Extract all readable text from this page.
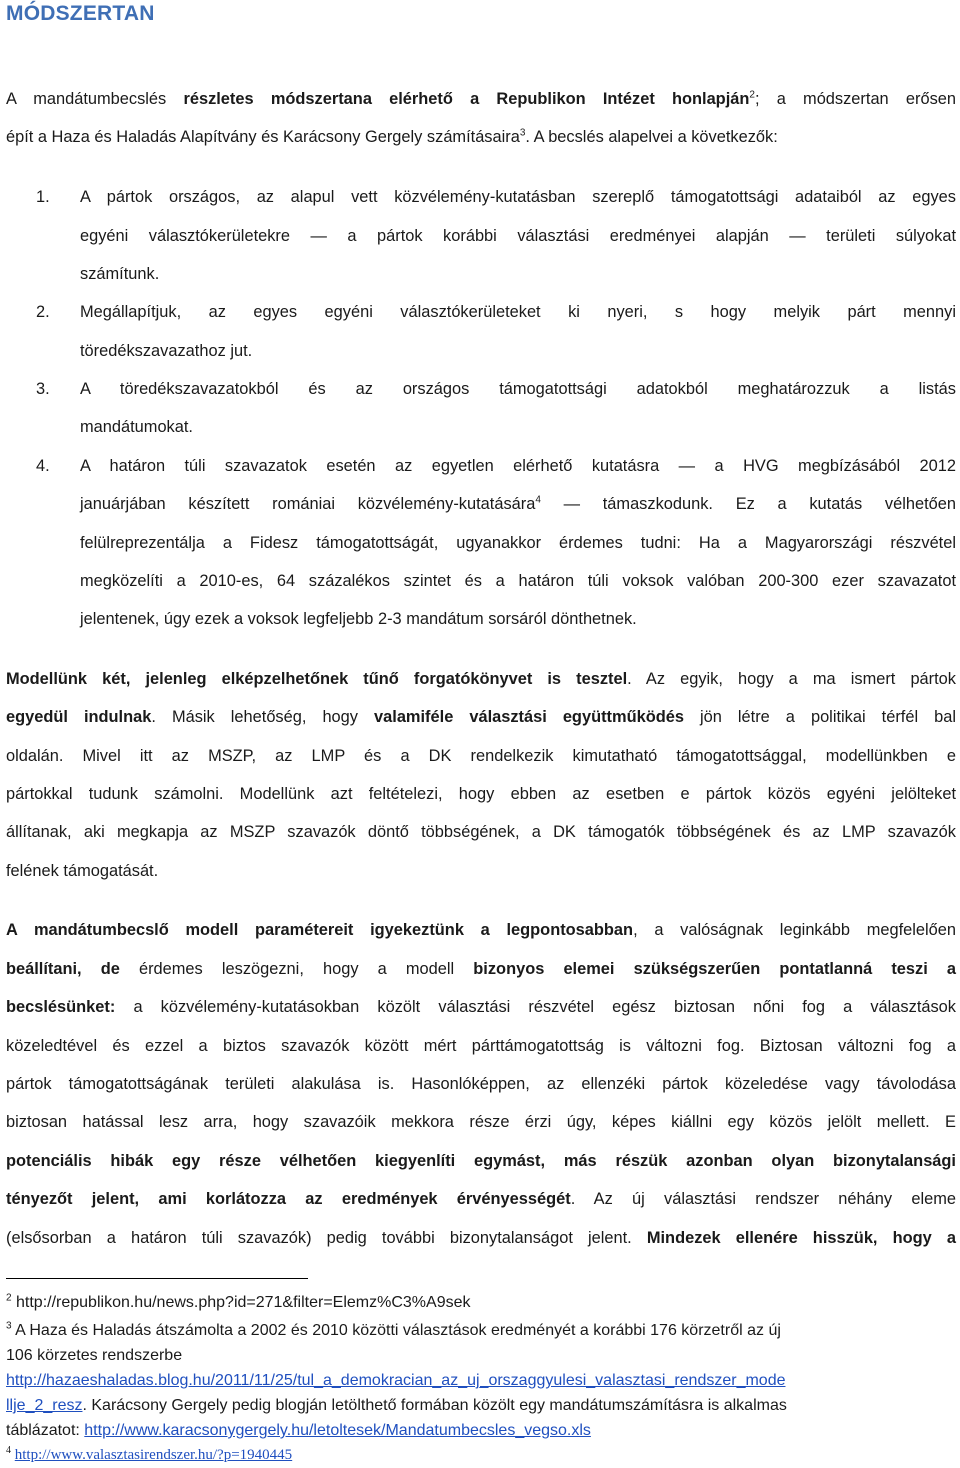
MÓDSZERTAN
A mandátumbecslés részletes módszertana elérhető a Republikon Intézet honlapján$^2$; a módszertan erősen
épít a Haza és Haladás Alapítvány és Karácsony Gergely számításaira$^3$. A becslés alapelvei a következők:
1. A pártok országos, az alapul vett közvélemény-kutatásban szereplő támogatottsági adataiból az egyes
egyéni választókerületekre — a pártok korábbi választási eredményei alapján — területi súlyokat
számítunk.
2. Megállapítjuk, az egyes egyéni választókerületeket ki nyeri, s hogy melyik párt mennyi
töredékszavazathoz jut.
3. A töredékszavazatokból és az országos támogatottsági adatokból meghatározzuk a listás
mandátumokat.
4. A határon túli szavazatok esetén az egyetlen elérhető kutatásra — a HVG megbízásából 2012
januárjában készített romániai közvélemény-kutatására$^4$ — támaszkodunk. Ez a kutatás vélhetően
felülreprezentálja a Fidesz támogatottságát, ugyanakkor érdemes tudni: Ha a Magyarországi részvétel
megközelíti a 2010-es, 64 százalékos szintet és a határon túli voksok valóban 200-300 ezer szavazatot
jelentenek, úgy ezek a voksok legfeljebb 2-3 mandátum sorsáról dönthetnek.
Modellünk két, jelenleg elképzelhetőnek tűnő forgatókönyvet is tesztel. Az egyik, hogy a ma ismert pártok
egyedül indulnak. Másik lehetőség, hogy valamiféle választási együttműködés jön létre a politikai térfél bal
oldalán. Mivel itt az MSZP, az LMP és a DK rendelkezik kimutatható támogatottsággal, modellünkben e
pártokkal tudunk számolni. Modellünk azt feltételezi, hogy ebben az esetben e pártok közös egyéni jelölteket
állítanak, aki megkapja az MSZP szavazók döntő többségének, a DK támogatók többségének és az LMP szavazók
felének támogatását.
A mandátumbecslő modell paramétereit igyekeztünk a legpontosabban, a valóságnak leginkább megfelelően
beállítani, de érdemes leszögezni, hogy a modell bizonyos elemei szükségszerűen pontatlanná teszi a
becslésünket: a közvélemény-kutatásokban közölt választási részvétel egész biztosan nőni fog a választások
közeledtével és ezzel a biztos szavazók között mért párttámogatottság is változni fog. Biztosan változni fog a
pártok támogatottságának területi alakulása is. Hasonlóképpen, az ellenzéki pártok közeledése vagy távolodása
biztosan hatással lesz arra, hogy szavazóik mekkora része érzi úgy, képes kiállni egy közös jelölt mellett. E
potenciális hibák egy része vélhetően kiegyenlíti egymást, más részük azonban olyan bizonytalansági
tényezőt jelent, ami korlátozza az eredmények érvényességét. Az új választási rendszer néhány eleme
(elsősorban a határon túli szavazók) pedig további bizonytalanságot jelent. Mindezek ellenére hisszük, hogy a
$^2$ http://republikon.hu/news.php?id=271&filter=Elemz%C3%A9sek
$^3$ A Haza és Haladás átszámolta a 2002 és 2010 közötti választások eredményét a korábbi 176 körzetről az új
106 körzetes rendszerbe
http://hazaeshaladas.blog.hu/2011/11/25/tul_a_demokracian_az_uj_orszaggyulesi_valasztasi_rendszer_mode
llje_2_resz. Karácsony Gergely pedig blogján letölthető formában közölt egy mandátumszámításra is alkalmas
táblázatot: http://www.karacsonygergely.hu/letoltesek/Mandatumbecsles_vegso.xls
$^4$ http://www.valasztasirendszer.hu/?p=1940445
